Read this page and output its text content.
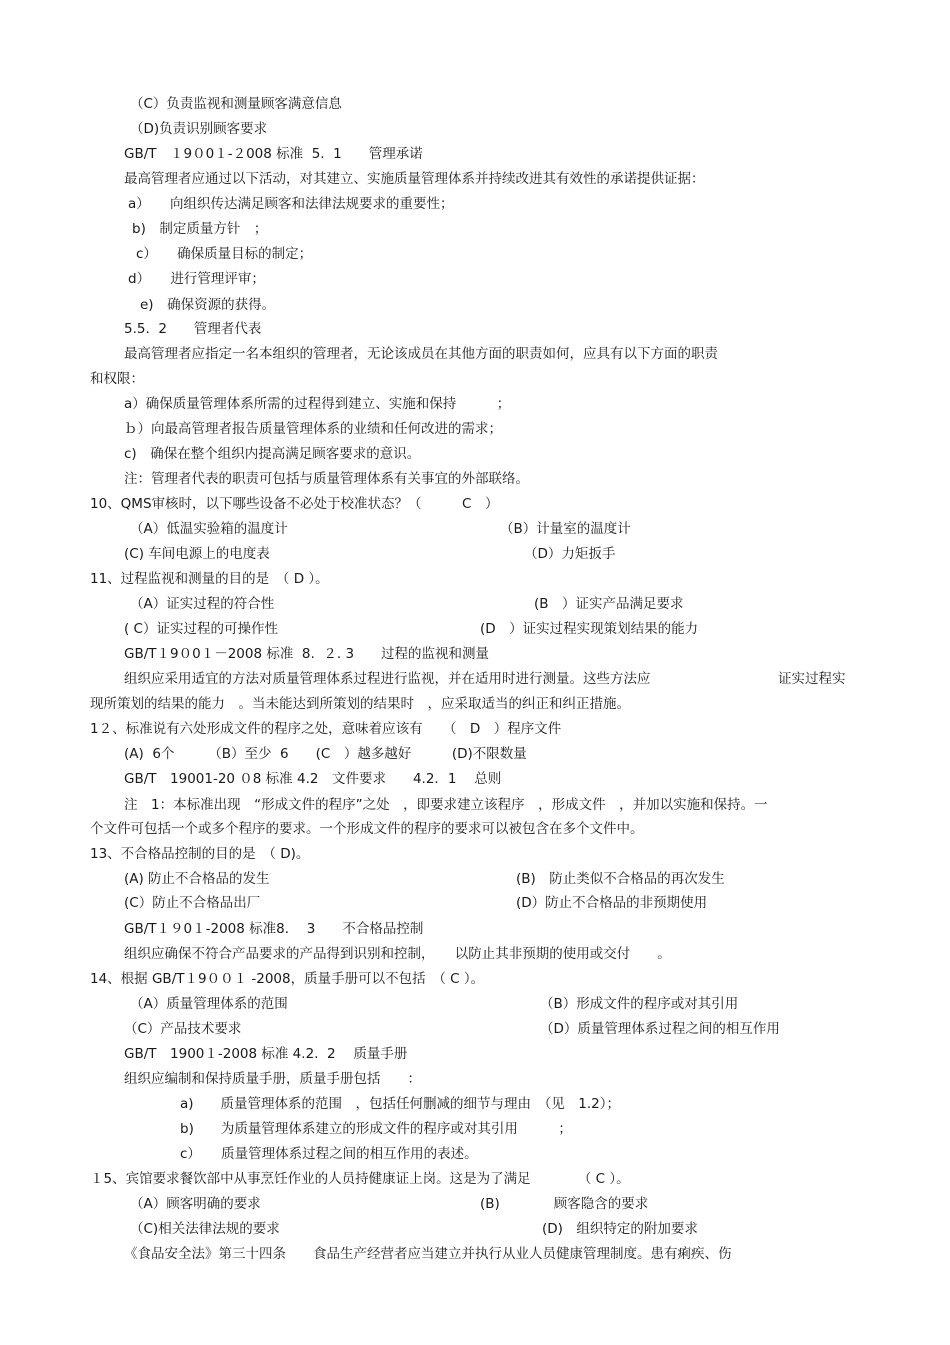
（C）负责监视和测量顾客满意信息
（D)负责识别顾客要求
GB/T　１9０0１-２008 标准  5.  1　　管理承诺
最高管理者应通过以下活动，对其建立、实施质量管理体系并持续改进其有效性的承诺提供证据：
a）　　向组织传达满足顾客和法律法规要求的重要性；
b)　制定质量方针　；
c）　　确保质量目标的制定；
d）　　进行管理评审；
e)　确保资源的获得。
5.5.  2　　管理者代表
最高管理者应指定一名本组织的管理者，无论该成员在其他方面的职责如何，应具有以下方面的职责
和权限：
a）确保质量管理体系所需的过程得到建立、实施和保持　　　；
ｂ）向最高管理者报告质量管理体系的业绩和任何改进的需求；
c)　确保在整个组织内提高满足顾客要求的意识。
注：管理者代表的职责可包括与质量管理体系有关事宜的外部联络。
10、QMS审核时，以下哪些设备不必处于校准状态？（　　　C　）
（A）低温实验箱的温度计	（B）计量室的温度计
(C) 车间电源上的电度表	（D）力矩扳手
11、过程监视和测量的目的是　（ D ）。
（A）证实过程的符合性	(B　）证实产品满足要求
( C）证实过程的可操作性	(D　）证实过程实现策划结果的能力
GB/T１9０0１－2008 标准  8.  ２. 3　　过程的监视和测量
组织应采用适宜的方法对质量管理体系过程进行监视，并在适用时进行测量。这些方法应	证实过程实
现所策划的结果的能力　。当未能达到所策划的结果时　，应采取适当的纠正和纠正措施。
1２、标准说有六处形成文件的程序之处，意味着应该有　　（　D　）程序文件
(A)  6个　　　（B）至少  6　　(C　）越多越好　　　(D)不限数量
GB/T　19001-20 ０8 标准 4.2　文件要求　　4.2．1　 总则
注　1：本标准出现　“形成文件的程序”之处　，即要求建立该程序　，形成文件　，并加以实施和保持。一
个文件可包括一个或多个程序的要求。一个形成文件的程序的要求可以被包含在多个文件中。
13、不合格品控制的目的是　（ D)。
(A) 防止不合格品的发生	(B)　防止类似不合格品的再次发生
(C）防止不合格品出厂	(D）防止不合格品的非预期使用
GB/T１９0１-2008 标准8．  3　　不合格品控制
组织应确保不符合产品要求的产品得到识别和控制，　　以防止其非预期的使用或交付　　。
14、根据 GB/T１9００１ -2008，质量手册可以不包括　（ C ）。
（A）质量管理体系的范围	（B）形成文件的程序或对其引用
（C）产品技术要求	（D）质量管理体系过程之间的相互作用
GB/T　1900１-2008 标准 4.2.  2　 质量手册
组织应编制和保持质量手册，质量手册包括　　：
a)　　质量管理体系的范围　，包括任何删减的细节与理由　（见　1.2）；
b)　　为质量管理体系建立的形成文件的程序或对其引用　　　；
c）　　质量管理体系过程之间的相互作用的表述。
１5、宾馆要求餐饮部中从事烹饪作业的人员持健康证上岗。这是为了满足　　　　（ C ）。
（A）顾客明确的要求	(B)　　　　顾客隐含的要求
（C)相关法律法规的要求	(D)　组织特定的附加要求
《食品安全法》第三十四条　　食品生产经营者应当建立并执行从业人员健康管理制度。患有痢疾、伤
